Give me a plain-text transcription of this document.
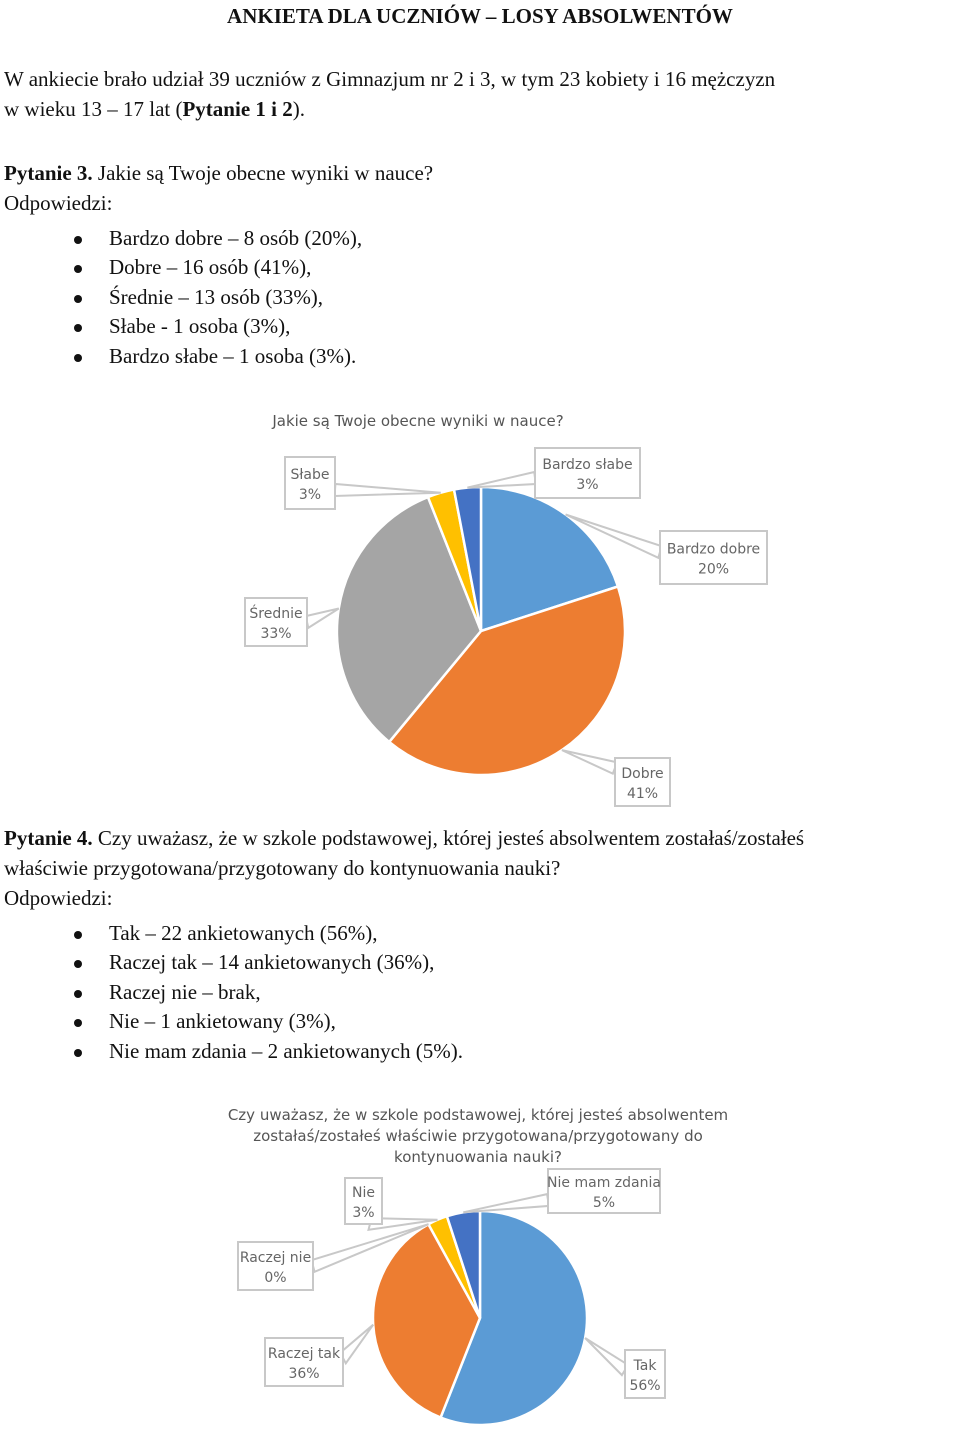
ANKIETA DLA UCZNIÓW – LOSY ABSOLWENTÓW

W ankiecie brało udział 39 uczniów z Gimnazjum nr 2 i 3, w tym 23 kobiety i 16 mężczyzn
w wieku 13 – 17 lat (Pytanie 1 i 2).

Pytanie 3. Jakie są Twoje obecne wyniki w nauce?
Odpowiedzi:

Bardzo dobre – 8 osób (20%),
Dobre – 16 osób (41%),
Średnie – 13 osób (33%),
Słabe - 1 osoba (3%),
Bardzo słabe – 1 osoba (3%).
Jakie są Twoje obecne wyniki w nauce?
Bardzo dobre
20%
Dobre
41%
Średnie
33%
Słabe
3%
Bardzo słabe
3%

Pytanie 4. Czy uważasz, że w szkole podstawowej, której jesteś absolwentem zostałaś/zostałeś
właściwie przygotowana/przygotowany do kontynuowania nauki?
Odpowiedzi:

Tak – 22 ankietowanych (56%),
Raczej tak – 14 ankietowanych (36%),
Raczej nie – brak,
Nie – 1 ankietowany (3%),
Nie mam zdania – 2 ankietowanych (5%).
Czy uważasz, że w szkole podstawowej, której jesteś absolwentem
zostałaś/zostałeś właściwie przygotowana/przygotowany do
kontynuowania nauki?
Tak
56%
Raczej tak
36%
Raczej nie
0%
Nie
3%
Nie mam zdania
5%
